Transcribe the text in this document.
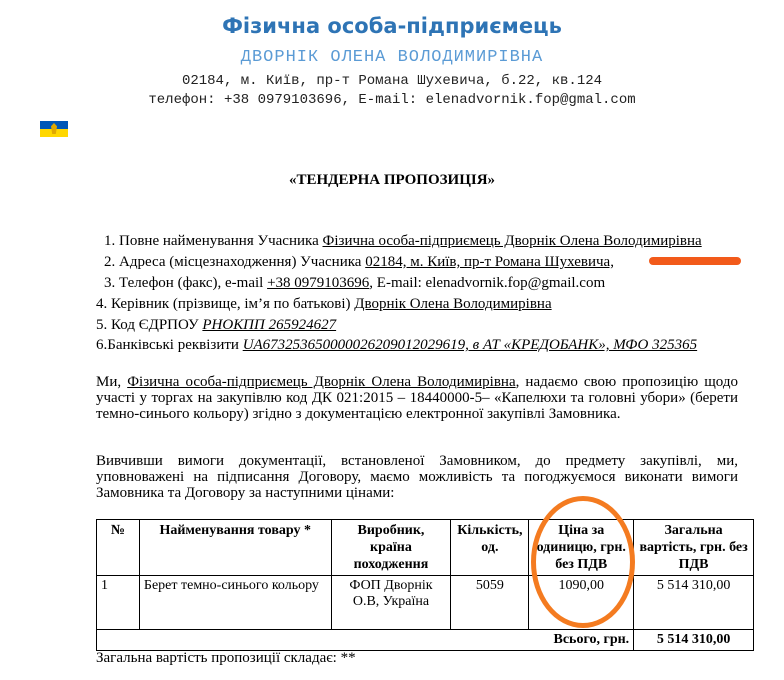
Фізична особа-підприємець
ДВОРНІК ОЛЕНА ВОЛОДИМИРІВНА
02184, м. Київ, пр-т Романа Шухевича, б.22, кв.124
телефон: +38 0979103696, E-mail: elenadvornik.fop@gmal.com
«ТЕНДЕРНА ПРОПОЗИЦІЯ»
1. Повне найменування Учасника Фізична особа-підприємець Дворнік Олена Володимирівна
2. Адреса (місцезнаходження) Учасника 02184, м. Київ, пр-т Романа Шухевича,
3. Телефон (факс), e-mail +38 0979103696, E-mail: elenadvornik.fop@gmail.com
4. Керівник (прізвище, ім’я по батькові) Дворнік Олена Володимирівна
5. Код ЄДРПОУ РНОКПП 265924627
6.Банківські реквізити UA673253650000026209012029619, в АТ «КРЕДОБАНК», МФО 325365
Ми, Фізична особа-підприємець Дворнік Олена Володимирівна, надаємо свою пропозицію щодо участі у торгах на закупівлю код ДК 021:2015 – 18440000-5– «Капелюхи та головні убори» (берети темно-синього кольору) згідно з документацією електронної закупівлі Замовника.
Вивчивши вимоги документації, встановленої Замовником, до предмету закупівлі, ми, уповноважені на підписання Договору, маємо можливість та погоджуємося виконати вимоги Замовника та Договору за наступними цінами:
№	Найменування товару *	Виробник, країна походження	Кількість, од.	Ціна за одиницю, грн. без ПДВ	Загальна вартість, грн. без ПДВ
1	Берет темно-синього кольору	ФОП Дворнік О.В, Україна	5059	1090,00	5 514 310,00
Всього, грн.					5 514 310,00
Загальна вартість пропозиції складає: **
